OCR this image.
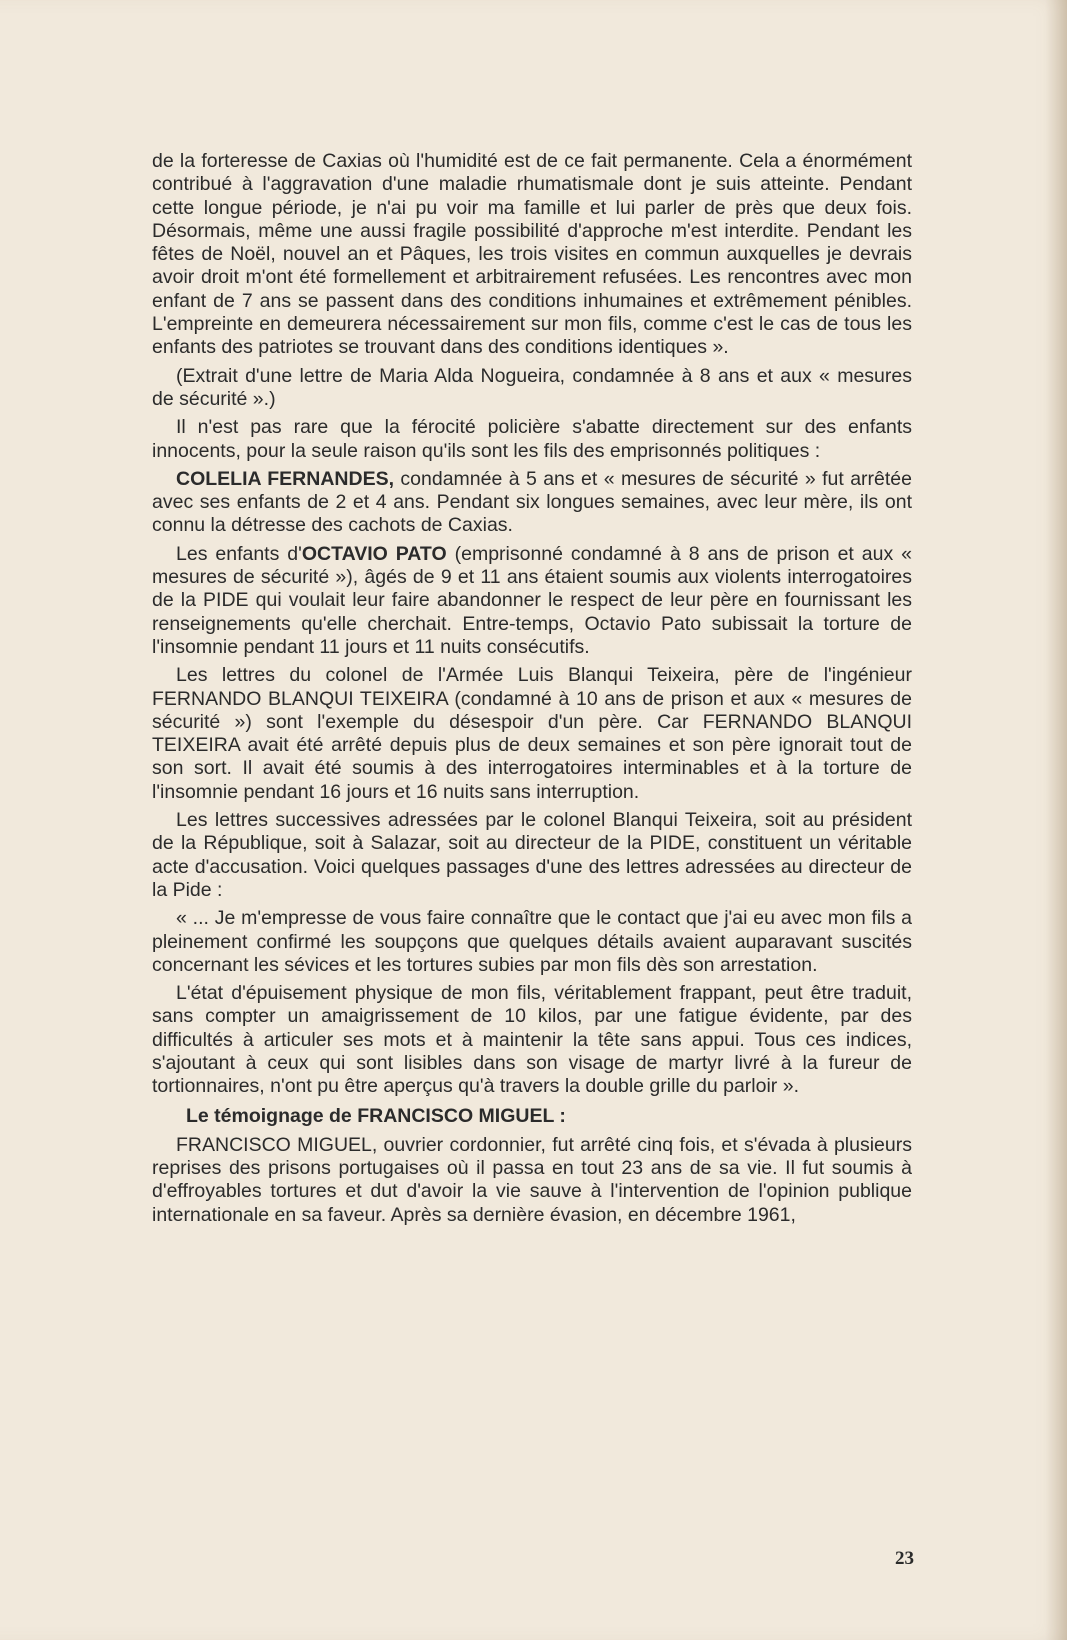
de la forteresse de Caxias où l'humidité est de ce fait permanente. Cela a énormément contribué à l'aggravation d'une maladie rhumatismale dont je suis atteinte. Pendant cette longue période, je n'ai pu voir ma famille et lui parler de près que deux fois. Désormais, même une aussi fragile possibilité d'approche m'est interdite. Pendant les fêtes de Noël, nouvel an et Pâques, les trois visites en commun auxquelles je devrais avoir droit m'ont été formellement et arbitrairement refusées. Les rencontres avec mon enfant de 7 ans se passent dans des conditions inhumaines et extrêmement pénibles. L'empreinte en demeurera nécessairement sur mon fils, comme c'est le cas de tous les enfants des patriotes se trouvant dans des conditions identiques ».

(Extrait d'une lettre de Maria Alda Nogueira, condamnée à 8 ans et aux « mesures de sécurité ».)

Il n'est pas rare que la férocité policière s'abatte directement sur des enfants innocents, pour la seule raison qu'ils sont les fils des emprisonnés politiques :

COLELIA FERNANDES, condamnée à 5 ans et « mesures de sécurité » fut arrêtée avec ses enfants de 2 et 4 ans. Pendant six longues semaines, avec leur mère, ils ont connu la détresse des cachots de Caxias.

Les enfants d'OCTAVIO PATO (emprisonné condamné à 8 ans de prison et aux « mesures de sécurité »), âgés de 9 et 11 ans étaient soumis aux violents interrogatoires de la PIDE qui voulait leur faire abandonner le respect de leur père en fournissant les renseignements qu'elle cherchait. Entre-temps, Octavio Pato subissait la torture de l'insomnie pendant 11 jours et 11 nuits consécutifs.

Les lettres du colonel de l'Armée Luis Blanqui Teixeira, père de l'ingénieur FERNANDO BLANQUI TEIXEIRA (condamné à 10 ans de prison et aux « mesures de sécurité ») sont l'exemple du désespoir d'un père. Car FERNANDO BLANQUI TEIXEIRA avait été arrêté depuis plus de deux semaines et son père ignorait tout de son sort. Il avait été soumis à des interrogatoires interminables et à la torture de l'insomnie pendant 16 jours et 16 nuits sans interruption.

Les lettres successives adressées par le colonel Blanqui Teixeira, soit au président de la République, soit à Salazar, soit au directeur de la PIDE, constituent un véritable acte d'accusation. Voici quelques passages d'une des lettres adressées au directeur de la Pide :

« ... Je m'empresse de vous faire connaître que le contact que j'ai eu avec mon fils a pleinement confirmé les soupçons que quelques détails avaient auparavant suscités concernant les sévices et les tortures subies par mon fils dès son arrestation.

L'état d'épuisement physique de mon fils, véritablement frappant, peut être traduit, sans compter un amaigrissement de 10 kilos, par une fatigue évidente, par des difficultés à articuler ses mots et à maintenir la tête sans appui. Tous ces indices, s'ajoutant à ceux qui sont lisibles dans son visage de martyr livré à la fureur de tortionnaires, n'ont pu être aperçus qu'à travers la double grille du parloir ».

Le témoignage de FRANCISCO MIGUEL :

FRANCISCO MIGUEL, ouvrier cordonnier, fut arrêté cinq fois, et s'évada à plusieurs reprises des prisons portugaises où il passa en tout 23 ans de sa vie. Il fut soumis à d'effroyables tortures et dut d'avoir la vie sauve à l'intervention de l'opinion publique internationale en sa faveur. Après sa dernière évasion, en décembre 1961,

23
